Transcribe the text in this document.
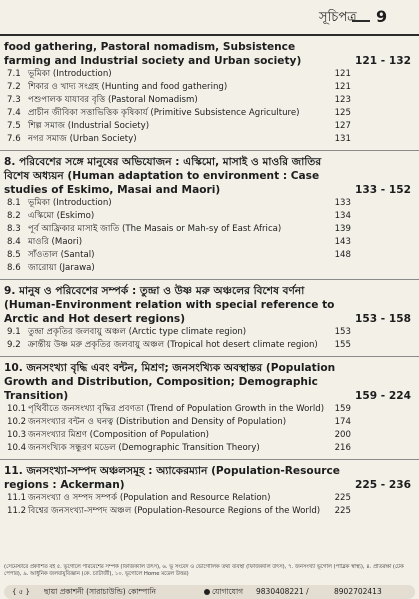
সূচিপত্র 9
food gathering, Pastoral nomadism, Subsistence farming and Industrial society and Urban society)	121 - 132
7.1 ভূমিকা (Introduction)	121
7.2 শিকার ও খাদ্য সংগ্রহ (Hunting and food gathering)	121
7.3 পশুপালক যাযাবর বৃত্তি (Pastoral Nomadism)	123
7.4 প্রাচীন জীবিকা সত্তাভিত্তিক কৃষিকার্য (Primitive Subsistence Agriculture)	125
7.5 শিল্প সমাজ (Industrial Society)	127
7.6 নগর সমাজ (Urban Society)	131
8. পরিবেশের সঙ্গে মানুষের অভিযোজন : এস্কিমো, মাসাই ও মাওরি জাতির বিশেষ অধ্যয়ন (Human adaptation to environment : Case studies of Eskimo, Masai and Maori)	133 - 152
8.1 ভূমিকা (Introduction)	133
8.2 এস্কিমো (Eskimo)	134
8.3 পূর্ব আফ্রিকার মাসাই জাতি (The Masais or Mah-sy of East Africa)	139
8.4 মাওরি (Maori)	143
8.5 সাঁওতাল (Santal)	148
8.6 জারোয়া (Jarawa)
9. মানুষ ও পরিবেশের সম্পর্ক : তুন্দ্রা ও উষ্ণ মরু অঞ্চলের বিশেষ বর্ণনা (Human-Environment relation with special reference to Arctic and Hot desert regions)	153 - 158
9.1 তুন্দ্রা প্রকৃতির জলবায়ু অঞ্চল (Arctic type climate region)	153
9.2 ক্রান্তীয় উষ্ণ মরু প্রকৃতির জলবায়ু অঞ্চল (Tropical hot desert climate region) 155
10. জনসংখ্যা বৃদ্ধি এবং বন্টন, মিশ্রণ; জনসংখ্যিক অবস্থান্তর (Population Growth and Distribution, Composition; Demographic Transition)	159 - 224
10.1 পৃথিবীতে জনসংখ্যা বৃদ্ধির প্রবণতা (Trend of Population Growth in the World) 159
10.2 জনসংখ্যার বন্টন ও ঘনত্ব (Distribution and Density of Population)	174
10.3 জনসংখ্যার মিশ্রণ (Composition of Population)	200
10.4 জনসংখ্যিক সন্ধুরণ মডেল (Demographic Transition Theory)	216
11. জনসংখ্যা-সম্পদ অঞ্চলসমূহ : অ্যাকেরম্যান (Population-Resource regions : Ackerman)	225 - 236
11.1 জনসংখ্যা ও সম্পদ সম্পর্ক (Population and Resource Relation)	225
11.2 বিশ্বের জনসংখ্যা-সম্পদ অঞ্চল (Population-Resource Regions of the World) 225
(সেমেস্টারে প্রকাশিত বই ৫. ভূগোলে পরিবেশের সম্পর্ক (ফিজিক্যাল উৎস), ৬. ভূ সংবেদ ও ভৌগোলিক তথ্য ব্যবস্থা (ফিজিক্যাল উৎস), ৭. জনসংখ্যা ভূগোল (পাব্লিক স্বাস্থ্য), ৪. প্রতিরক্ষা (টেক পেপার), ৯. আধুনিক জলবায়ুবিজ্ঞান (কে. চ্যাটার্জী), ১০. ভূগোলে Home মডেল উত্তর)
{ ৫ } ছায়া প্রকাশনী (সারাচাউন্ডি) কোম্পানি	যোগাযোগ 9830408221 /	8902702413
